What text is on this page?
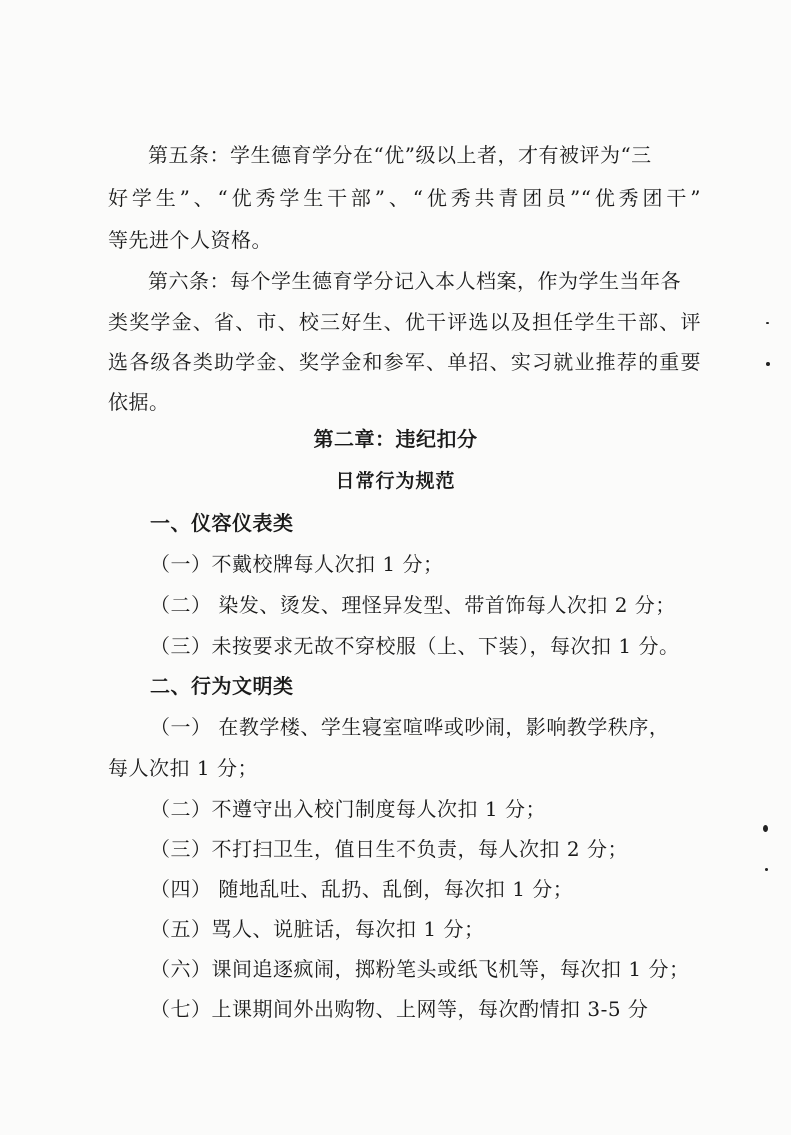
第五条：学生德育学分在“优”级以上者，才有被评为“三
好学生”、“优秀学生干部”、“优秀共青团员”“优秀团干”
等先进个人资格。
第六条：每个学生德育学分记入本人档案，作为学生当年各
类奖学金、省、市、校三好生、优干评选以及担任学生干部、评
选各级各类助学金、奖学金和参军、单招、实习就业推荐的重要
依据。
第二章：违纪扣分
日常行为规范
一、仪容仪表类
（一）不戴校牌每人次扣 1 分；
（二） 染发、烫发、理怪异发型、带首饰每人次扣 2 分；
（三）未按要求无故不穿校服（上、下装），每次扣 1 分。
二、行为文明类
（一） 在教学楼、学生寝室喧哗或吵闹，影响教学秩序，
每人次扣 1 分；
（二）不遵守出入校门制度每人次扣 1 分；
（三）不打扫卫生，值日生不负责，每人次扣 2 分；
（四） 随地乱吐、乱扔、乱倒，每次扣 1 分；
（五）骂人、说脏话，每次扣 1 分；
（六）课间追逐疯闹，掷粉笔头或纸飞机等，每次扣 1 分；
（七）上课期间外出购物、上网等，每次酌情扣 3-5 分
